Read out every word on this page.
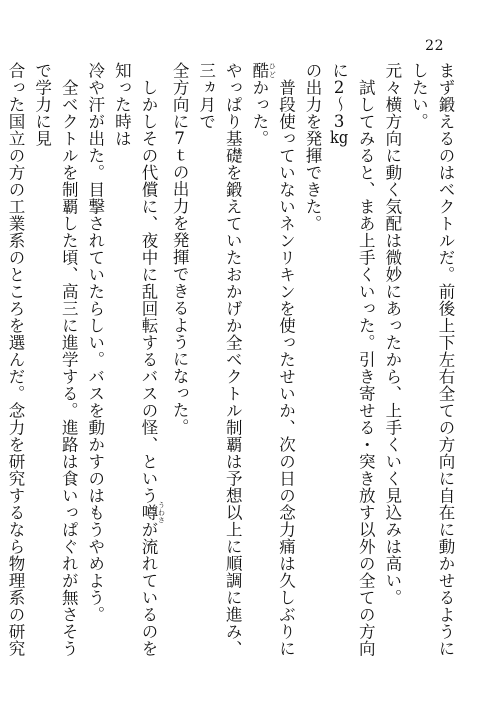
22

まず鍛えるのはベクトルだ。前後上下左右全ての方向に自在に動かせるようにしたい。

元々横方向に動く気配は微妙にあったから、上手くいく見込みは高い。

試してみると、まあ上手くいった。引き寄せる・突き放す以外の全ての方向に2〜3kg

の出力を発揮できた。

普段使っていないネンリキンを使ったせいか、次の日の念力痛は久しぶりに酷 ひどかった。

やっぱり基礎を鍛えていたおかげか全ベクトル制覇は予想以上に順調に進み、三ヵ月で

全方向に7ｔの出力を発揮できるようになった。

しかしその代償に、夜中に乱回転するバスの怪、という噂 うわさが流れているのを知った時は

冷や汗が出た。目撃されていたらしい。バスを動かすのはもうやめよう。

全ベクトルを制覇した頃、高三に進学する。進路は食いっぱぐれが無さそうで学力に見

合った国立の方の工業系のところを選んだ。念力を研究するなら物理系の研究
